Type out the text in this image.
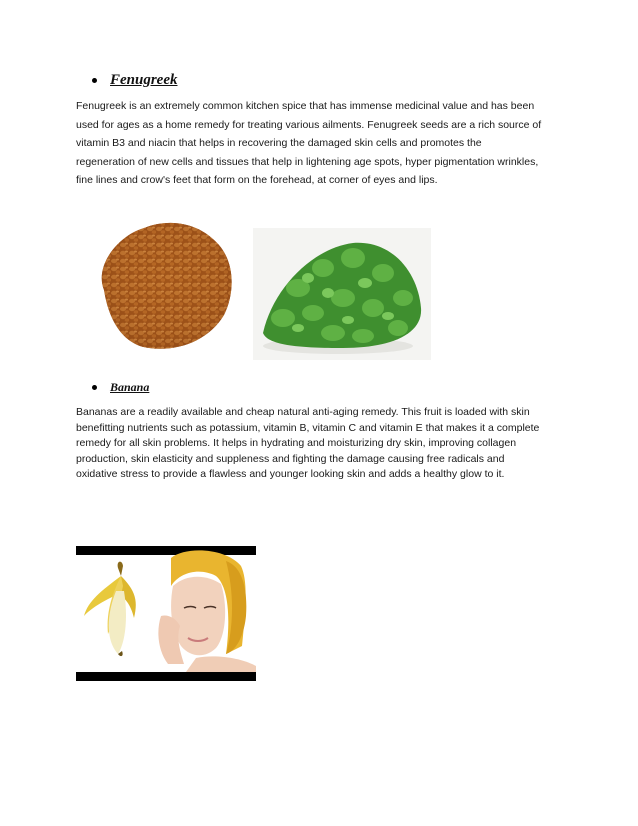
Fenugreek
Fenugreek is an extremely common kitchen spice that has immense medicinal value and has been
used for ages as a home remedy for treating various ailments. Fenugreek seeds are a rich source of
vitamin B3 and niacin that helps in recovering the damaged skin cells and promotes the
regeneration of new cells and tissues that help in lightening age spots, hyper pigmentation wrinkles,
fine lines and crow's feet that form on the forehead, at corner of eyes and lips.
Banana
Bananas are a readily available and cheap natural anti-aging remedy. This fruit is loaded with skin
benefitting nutrients such as potassium, vitamin B, vitamin C and vitamin E that makes it a complete
remedy for all skin problems. It helps in hydrating and moisturizing dry skin, improving collagen
production, skin elasticity and suppleness and fighting the damage causing free radicals and
oxidative stress to provide a flawless and younger looking skin and adds a healthy glow to it.
